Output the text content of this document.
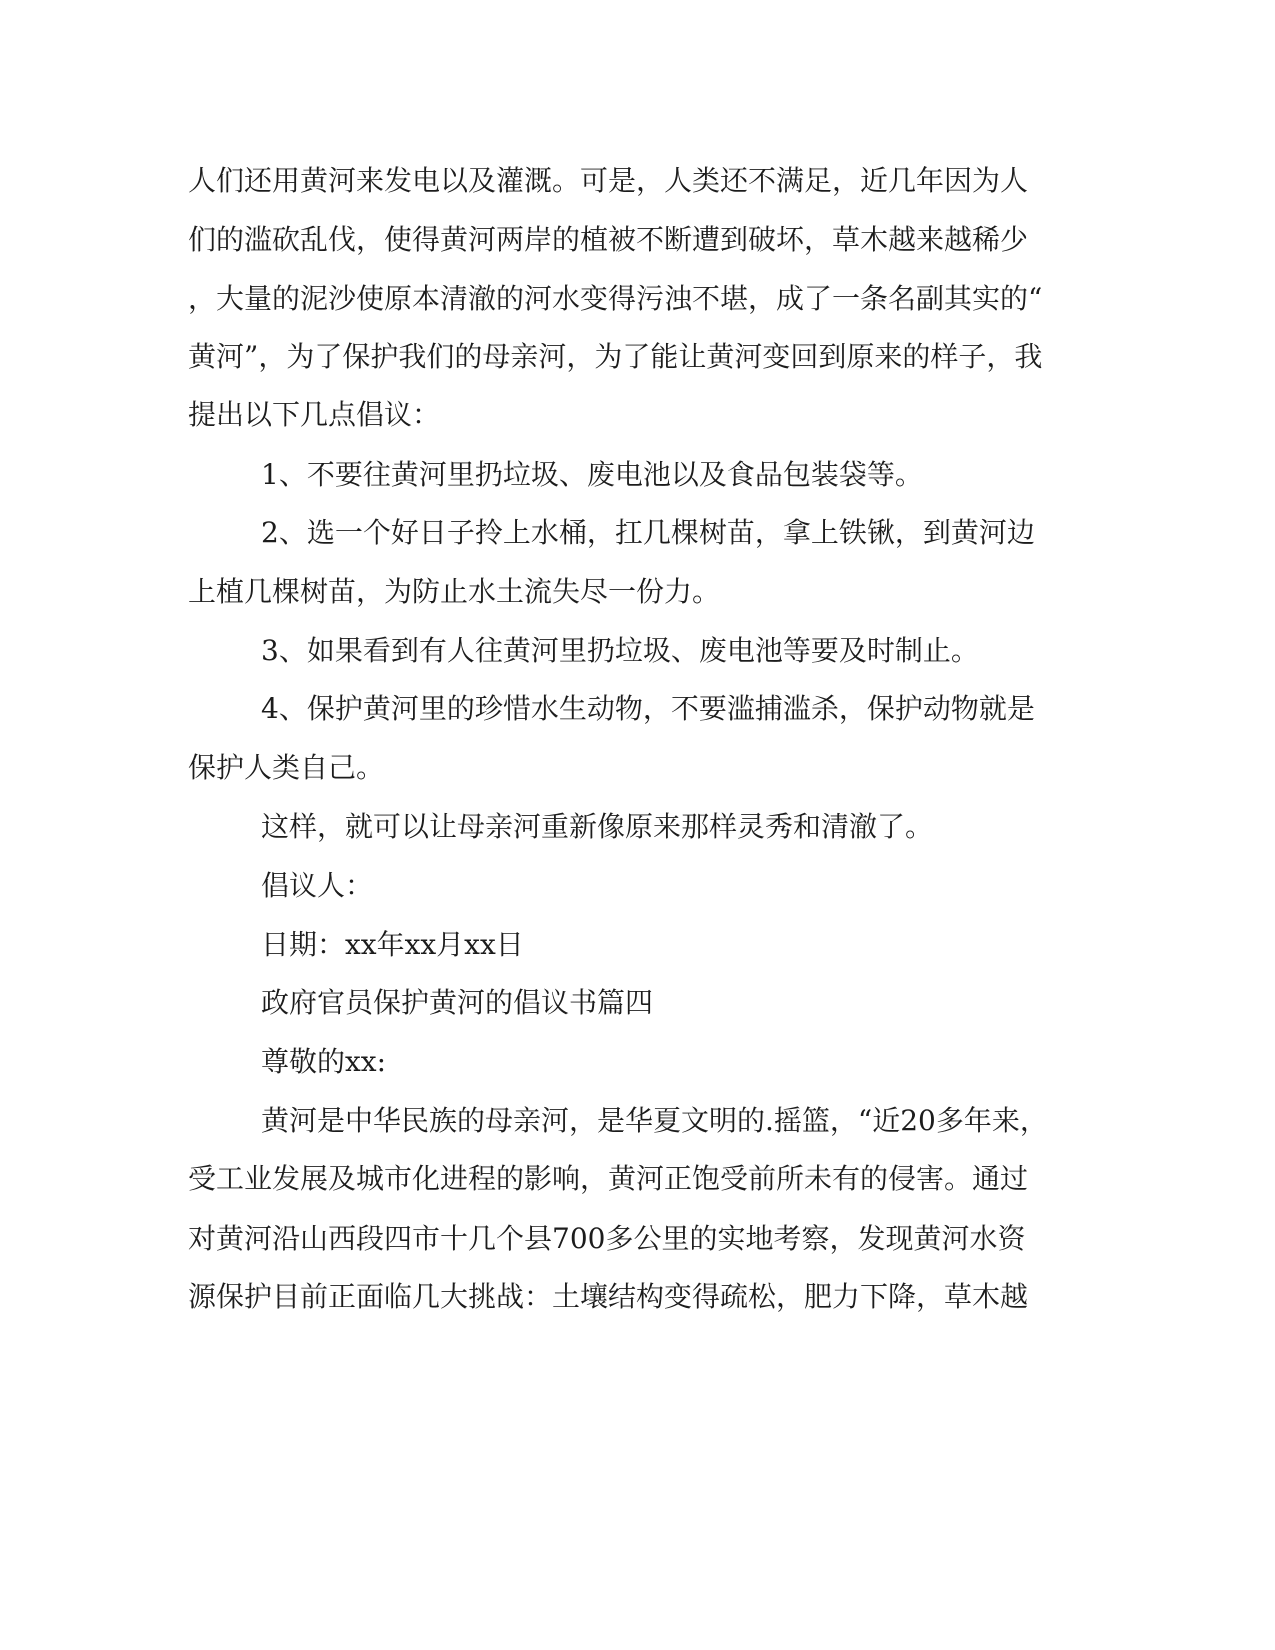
人们还用黄河来发电以及灌溉。可是，人类还不满足，近几年因为人
们的滥砍乱伐，使得黄河两岸的植被不断遭到破坏，草木越来越稀少
，大量的泥沙使原本清澈的河水变得污浊不堪，成了一条名副其实的“
黄河”，为了保护我们的母亲河，为了能让黄河变回到原来的样子，我
提出以下几点倡议：
1、不要往黄河里扔垃圾、废电池以及食品包装袋等。
2、选一个好日子拎上水桶，扛几棵树苗，拿上铁锹，到黄河边
上植几棵树苗，为防止水土流失尽一份力。
3、如果看到有人往黄河里扔垃圾、废电池等要及时制止。
4、保护黄河里的珍惜水生动物，不要滥捕滥杀，保护动物就是
保护人类自己。
这样，就可以让母亲河重新像原来那样灵秀和清澈了。
倡议人：
日期：xx年xx月xx日
政府官员保护黄河的倡议书篇四
尊敬的xx:
黄河是中华民族的母亲河，是华夏文明的.摇篮，“近20多年来，
受工业发展及城市化进程的影响，黄河正饱受前所未有的侵害。通过
对黄河沿山西段四市十几个县700多公里的实地考察，发现黄河水资
源保护目前正面临几大挑战：土壤结构变得疏松，肥力下降，草木越
